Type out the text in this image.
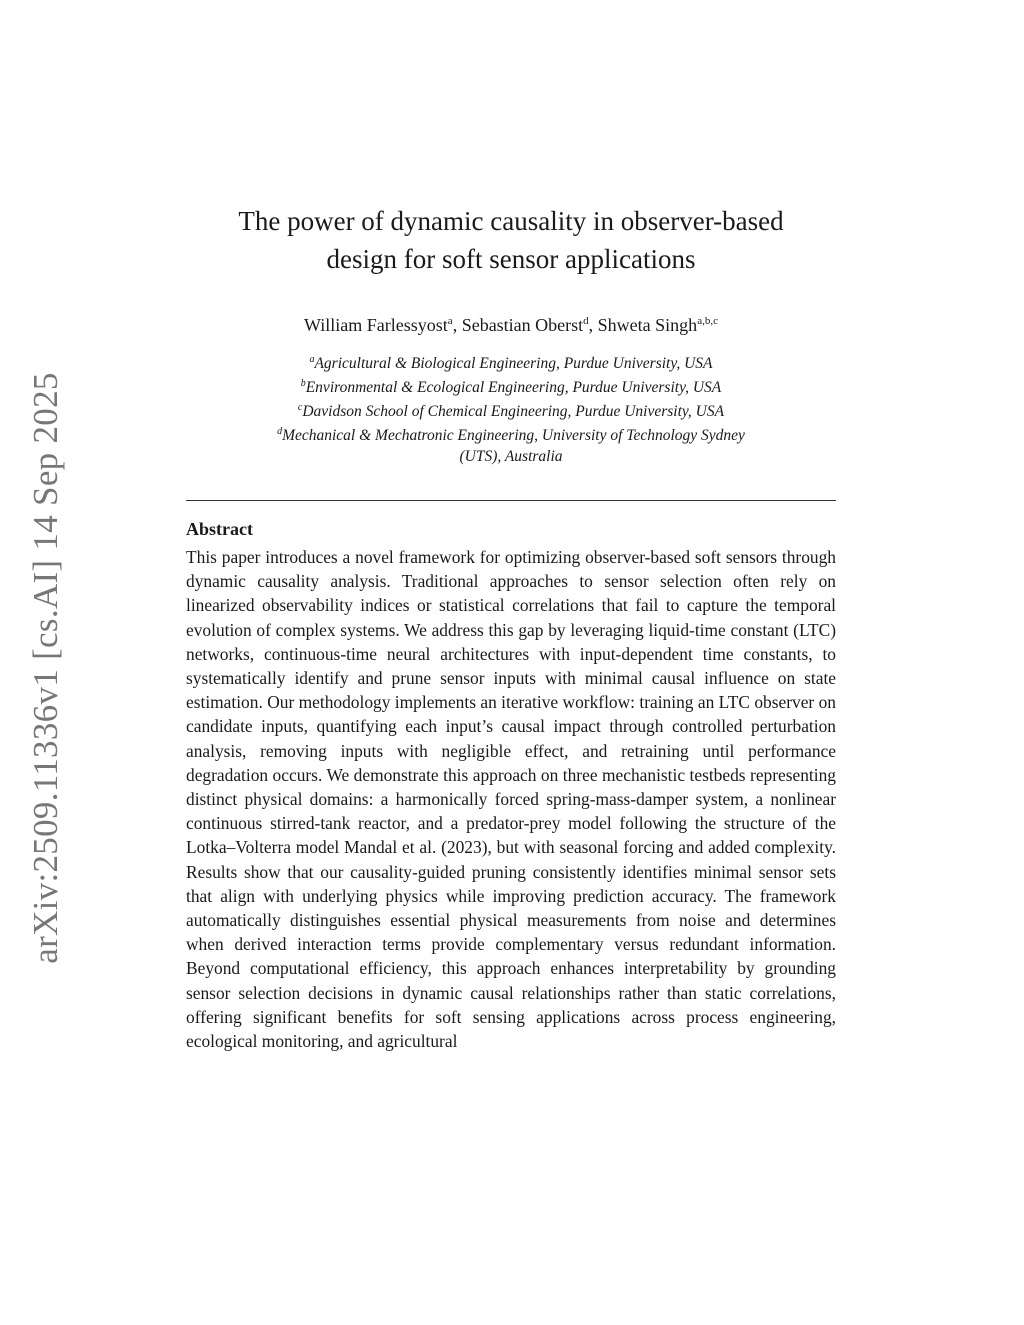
arXiv:2509.11336v1 [cs.AI] 14 Sep 2025
The power of dynamic causality in observer-based
design for soft sensor applications
William Farlessyost$^a$, Sebastian Oberst$^d$, Shweta Singh$^{a,b,c}$
$^a$Agricultural & Biological Engineering, Purdue University, USA
$^b$Environmental & Ecological Engineering, Purdue University, USA
$^c$Davidson School of Chemical Engineering, Purdue University, USA
$^d$Mechanical & Mechatronic Engineering, University of Technology Sydney
(UTS), Australia
Abstract

This paper introduces a novel framework for optimizing observer-based soft sensors through dynamic causality analysis. Traditional approaches to sensor selection often rely on linearized observability indices or statistical correlations that fail to capture the temporal evolution of complex systems. We address this gap by leveraging liquid-time constant (LTC) networks, continuous-time neural architectures with input-dependent time constants, to systematically identify and prune sensor inputs with minimal causal influence on state estimation. Our methodology implements an iterative workflow: training an LTC observer on candidate inputs, quantifying each input’s causal impact through controlled perturbation analysis, removing inputs with negligible effect, and retraining until performance degradation occurs. We demonstrate this approach on three mechanistic testbeds representing distinct physical domains: a harmonically forced spring-mass-damper system, a nonlinear continuous stirred-tank reactor, and a predator-prey model following the structure of the Lotka–Volterra model Mandal et al. (2023), but with seasonal forcing and added complexity. Results show that our causality-guided pruning consistently identifies minimal sensor sets that align with underlying physics while improving prediction accuracy. The framework automatically distinguishes essential physical measurements from noise and determines when derived interaction terms provide complementary versus redundant information. Beyond computational efficiency, this approach enhances interpretability by grounding sensor selection decisions in dynamic causal relationships rather than static correlations, offering significant benefits for soft sensing applications across process engineering, ecological monitoring, and agricultural
